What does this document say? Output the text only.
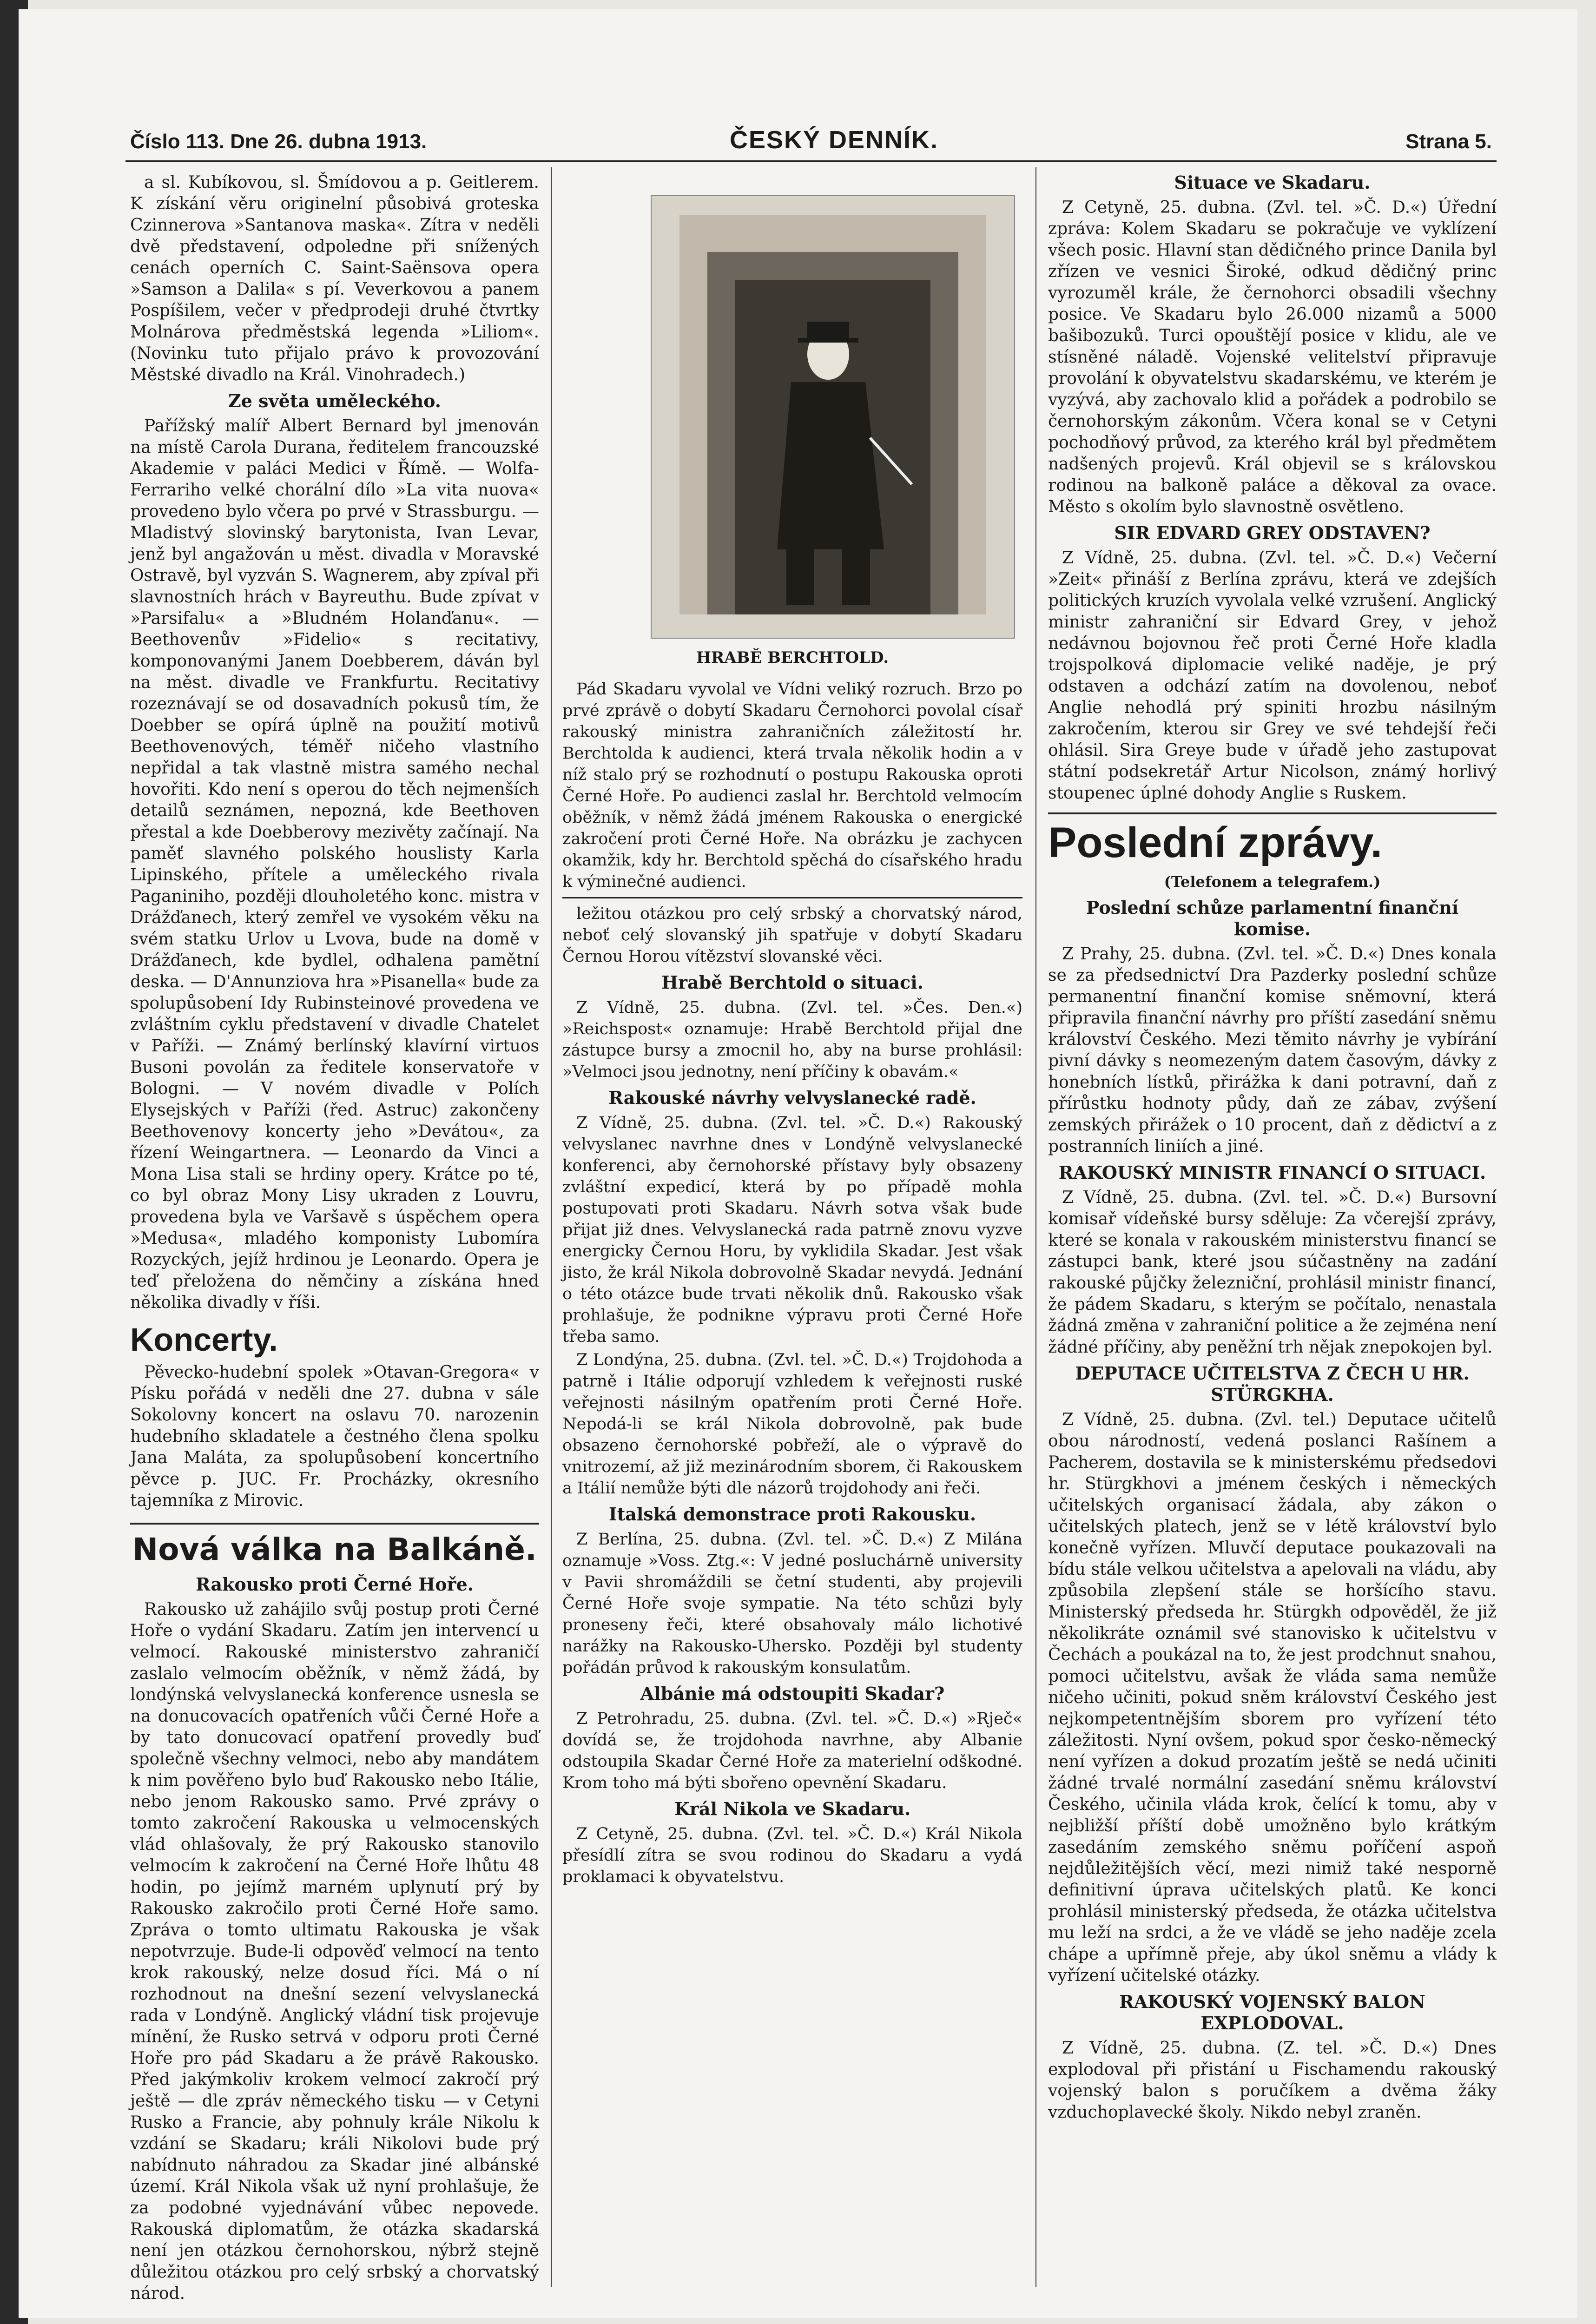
Číslo 113. Dne 26. dubna 1913.	ČESKÝ DENNÍK.	Strana 5.

a sl. Kubíkovou, sl. Šmídovou a p. Geitlerem. K získání věru originelní působivá groteska Czinnerova »Santanova maska«. Zítra v neděli dvě představení, odpoledne při snížených cenách operních C. Saint-Saënsova opera »Samson a Dalila« s pí. Veverkovou a panem Pospíšilem, večer v předprodeji druhé čtvrtky Molnárova předměstská legenda »Liliom«. (Novinku tuto přijalo právo k provozování Městské divadlo na Král. Vinohradech.)

Ze světa uměleckého.

Pařížský malíř Albert Bernard byl jmenován na místě Carola Durana, ředitelem francouzské Akademie v paláci Medici v Římě. — Wolfa-Ferrariho velké chorální dílo »La vita nuova« provedeno bylo včera po prvé v Strassburgu. — Mladistvý slovinský barytonista, Ivan Levar, jenž byl angažován u měst. divadla v Moravské Ostravě, byl vyzván S. Wagnerem, aby zpíval při slavnostních hrách v Bayreuthu. Bude zpívat v »Parsifalu« a »Bludném Holanďanu«. — Beethovenův »Fidelio« s recitativy, komponovanými Janem Doebberem, dáván byl na měst. divadle ve Frankfurtu. Recitativy rozeznávají se od dosavadních pokusů tím, že Doebber se opírá úplně na použití motivů Beethovenových, téměř ničeho vlastního nepřidal a tak vlastně mistra samého nechal hovořiti. Kdo není s operou do těch nejmenších detailů seznámen, nepozná, kde Beethoven přestal a kde Doebberovy mezivěty začínají. Na paměť slavného polského houslisty Karla Lipinského, přítele a uměleckého rivala Paganiniho, později dlouholetého konc. mistra v Drážďanech, který zemřel ve vysokém věku na svém statku Urlov u Lvova, bude na domě v Drážďanech, kde bydlel, odhalena pamětní deska. — D'Annunziova hra »Pisanella« bude za spolupůsobení Idy Rubinsteinové provedena ve zvláštním cyklu představení v divadle Chatelet v Paříži. — Známý berlínský klavírní virtuos Busoni povolán za ředitele konservatoře v Bologni. — V novém divadle v Polích Elysejských v Paříži (řed. Astruc) zakončeny Beethovenovy koncerty jeho »Devátou«, za řízení Weingartnera. — Leonardo da Vinci a Mona Lisa stali se hrdiny opery. Krátce po té, co byl obraz Mony Lisy ukraden z Louvru, provedena byla ve Varšavě s úspěchem opera »Medusa«, mladého komponisty Lubomíra Rozyckých, jejíž hrdinou je Leonardo. Opera je teď přeložena do němčiny a získána hned několika divadly v říši.

Koncerty.

Pěvecko-hudební spolek »Otavan-Gregora« v Písku pořádá v neděli dne 27. dubna v sále Sokolovny koncert na oslavu 70. narozenin hudebního skladatele a čestného člena spolku Jana Maláta, za spolupůsobení koncertního pěvce p. JUC. Fr. Procházky, okresního tajemníka z Mirovic.

Nová válka na Balkáně.
Rakousko proti Černé Hoře.

Rakousko už zahájilo svůj postup proti Černé Hoře o vydání Skadaru. Zatím jen intervencí u velmocí. Rakouské ministerstvo zahraničí zaslalo velmocím oběžník, v němž žádá, by londýnská velvyslanecká konference usnesla se na donucovacích opatřeních vůči Černé Hoře a by tato donucovací opatření provedly buď společně všechny velmoci, nebo aby mandátem k nim pověřeno bylo buď Rakousko nebo Itálie, nebo jenom Rakousko samo. Prvé zprávy o tomto zakročení Rakouska u velmocenských vlád ohlašovaly, že prý Rakousko stanovilo velmocím k zakročení na Černé Hoře lhůtu 48 hodin, po jejímž marném uplynutí prý by Rakousko zakročilo proti Černé Hoře samo. Zpráva o tomto ultimatu Rakouska je však nepotvrzuje. Bude-li odpověď velmocí na tento krok rakouský, nelze dosud říci. Má o ní rozhodnout na dnešní sezení velvyslanecká rada v Londýně. Anglický vládní tisk projevuje mínění, že Rusko setrvá v odporu proti Černé Hoře pro pád Skadaru a že právě Rakousko. Před jakýmkoliv krokem velmocí zakročí prý ještě — dle zpráv německého tisku — v Cetyni Rusko a Francie, aby pohnuly krále Nikolu k vzdání se Skadaru; králi Nikolovi bude prý nabídnuto náhradou za Skadar jiné albánské území. Král Nikola však už nyní prohlašuje, že za podobné vyjednávání vůbec nepovede. Rakouská diplomatům, že otázka skadarská není jen otázkou černohorskou, nýbrž stejně důležitou otázkou pro celý srbský a chorvatský národ.

HRABĚ BERCHTOLD.

Pád Skadaru vyvolal ve Vídni veliký rozruch. Brzo po prvé zprávě o dobytí Skadaru Černohorci povolal císař rakouský ministra zahraničních záležitostí hr. Berchtolda k audienci, která trvala několik hodin a v níž stalo prý se rozhodnutí o postupu Rakouska oproti Černé Hoře. Po audienci zaslal hr. Berchtold velmocím oběžník, v němž žádá jménem Rakouska o energické zakročení proti Černé Hoře. Na obrázku je zachycen okamžik, kdy hr. Berchtold spěchá do císařského hradu k výminečné audienci.

ležitou otázkou pro celý srbský a chorvatský národ, neboť celý slovanský jih spatřuje v dobytí Skadaru Černou Horou vítězství slovanské věci.

Hrabě Berchtold o situaci.

Z Vídně, 25. dubna. (Zvl. tel. »Čes. Den.«) »Reichspost« oznamuje: Hrabě Berchtold přijal dne zástupce bursy a zmocnil ho, aby na burse prohlásil: »Velmoci jsou jednotny, není příčiny k obavám.«

Rakouské návrhy velvyslanecké radě.

Z Vídně, 25. dubna. (Zvl. tel. »Č. D.«) Rakouský velvyslanec navrhne dnes v Londýně velvyslanecké konferenci, aby černohorské přístavy byly obsazeny zvláštní expedicí, která by po případě mohla postupovati proti Skadaru. Návrh sotva však bude přijat již dnes. Velvyslanecká rada patrně znovu vyzve energicky Černou Horu, by vyklidila Skadar. Jest však jisto, že král Nikola dobrovolně Skadar nevydá. Jednání o této otázce bude trvati několik dnů. Rakousko však prohlašuje, že podnikne výpravu proti Černé Hoře třeba samo.

Z Londýna, 25. dubna. (Zvl. tel. »Č. D.«) Trojdohoda a patrně i Itálie odporují vzhledem k veřejnosti ruské veřejnosti násilným opatřením proti Černé Hoře. Nepodá-li se král Nikola dobrovolně, pak bude obsazeno černohorské pobřeží, ale o výpravě do vnitrozemí, až již mezinárodním sborem, či Rakouskem a Itálií nemůže býti dle názorů trojdohody ani řeči.

Italská demonstrace proti Rakousku.

Z Berlína, 25. dubna. (Zvl. tel. »Č. D.«) Z Milána oznamuje »Voss. Ztg.«: V jedné posluchárně university v Pavii shromáždili se četní studenti, aby projevili Černé Hoře svoje sympatie. Na této schůzi byly proneseny řeči, které obsahovaly málo lichotivé narážky na Rakousko-Uhersko. Později byl studenty pořádán průvod k rakouským konsulatům.

Albánie má odstoupiti Skadar?

Z Petrohradu, 25. dubna. (Zvl. tel. »Č. D.«) »Rječ« dovídá se, že trojdohoda navrhne, aby Albanie odstoupila Skadar Černé Hoře za materielní odškodné. Krom toho má býti sbořeno opevnění Skadaru.

Král Nikola ve Skadaru.

Z Cetyně, 25. dubna. (Zvl. tel. »Č. D.«) Král Nikola přesídlí zítra se svou rodinou do Skadaru a vydá proklamaci k obyvatelstvu.

Situace ve Skadaru.

Z Cetyně, 25. dubna. (Zvl. tel. »Č. D.«) Úřední zpráva: Kolem Skadaru se pokračuje ve vyklízení všech posic. Hlavní stan dědičného prince Danila byl zřízen ve vesnici Široké, odkud dědičný princ vyrozuměl krále, že černohorci obsadili všechny posice. Ve Skadaru bylo 26.000 nizamů a 5000 bašibozuků. Turci opouštějí posice v klidu, ale ve stísněné náladě. Vojenské velitelství připravuje provolání k obyvatelstvu skadarskému, ve kterém je vyzývá, aby zachovalo klid a pořádek a podrobilo se černohorským zákonům. Včera konal se v Cetyni pochodňový průvod, za kterého král byl předmětem nadšených projevů. Král objevil se s královskou rodinou na balkoně paláce a děkoval za ovace. Město s okolím bylo slavnostně osvětleno.

SIR EDVARD GREY ODSTAVEN?

Z Vídně, 25. dubna. (Zvl. tel. »Č. D.«) Večerní »Zeit« přináší z Berlína zprávu, která ve zdejších politických kruzích vyvolala velké vzrušení. Anglický ministr zahraniční sir Edvard Grey, v jehož nedávnou bojovnou řeč proti Černé Hoře kladla trojspolková diplomacie veliké naděje, je prý odstaven a odchází zatím na dovolenou, neboť Anglie nehodlá prý spiniti hrozbu násilným zakročením, kterou sir Grey ve své tehdejší řeči ohlásil. Sira Greye bude v úřadě jeho zastupovat státní podsekretář Artur Nicolson, známý horlivý stoupenec úplné dohody Anglie s Ruskem.

Poslední zprávy.
(Telefonem a telegrafem.)
Poslední schůze parlamentní finanční komise.

Z Prahy, 25. dubna. (Zvl. tel. »Č. D.«) Dnes konala se za předsednictví Dra Pazderky poslední schůze permanentní finanční komise sněmovní, která připravila finanční návrhy pro příští zasedání sněmu království Českého. Mezi těmito návrhy je vybírání pivní dávky s neomezeným datem časovým, dávky z honebních lístků, přirážka k dani potravní, daň z přírůstku hodnoty půdy, daň ze zábav, zvýšení zemských přirážek o 10 procent, daň z dědictví a z postranních liniích a jiné.

RAKOUSKÝ MINISTR FINANCÍ O SITUACI.

Z Vídně, 25. dubna. (Zvl. tel. »Č. D.«) Bursovní komisař vídeňské bursy sděluje: Za včerejší zprávy, které se konala v rakouském ministerstvu financí se zástupci bank, které jsou súčastněny na zadání rakouské půjčky železniční, prohlásil ministr financí, že pádem Skadaru, s kterým se počítalo, nenastala žádná změna v zahraniční politice a že zejména není žádné příčiny, aby peněžní trh nějak znepokojen byl.

DEPUTACE UČITELSTVA Z ČECH U HR. STÜRGKHA.

Z Vídně, 25. dubna. (Zvl. tel.) Deputace učitelů obou národností, vedená poslanci Rašínem a Pacherem, dostavila se k ministerskému předsedovi hr. Stürgkhovi a jménem českých i německých učitelských organisací žádala, aby zákon o učitelských platech, jenž se v létě království bylo konečně vyřízen. Mluvčí deputace poukazovali na bídu stále velkou učitelstva a apelovali na vládu, aby způsobila zlepšení stále se horšícího stavu. Ministerský předseda hr. Stürgkh odpověděl, že již několikráte oznámil své stanovisko k učitelstvu v Čechách a poukázal na to, že jest prodchnut snahou, pomoci učitelstvu, avšak že vláda sama nemůže ničeho učiniti, pokud sněm království Českého jest nejkompetentnějším sborem pro vyřízení této záležitosti. Nyní ovšem, pokud spor česko-německý není vyřízen a dokud prozatím ještě se nedá učiniti žádné trvalé normální zasedání sněmu království Českého, učinila vláda krok, čelící k tomu, aby v nejbližší příští době umožněno bylo krátkým zasedáním zemského sněmu poříčení aspoň nejdůležitějších věcí, mezi nimiž také nesporně definitivní úprava učitelských platů. Ke konci prohlásil ministerský předseda, že otázka učitelstva mu leží na srdci, a že ve vládě se jeho naděje zcela chápe a upřímně přeje, aby úkol sněmu a vlády k vyřízení učitelské otázky.

RAKOUSKÝ VOJENSKÝ BALON EXPLODOVAL.

Z Vídně, 25. dubna. (Z. tel. »Č. D.«) Dnes explodoval při přistání u Fischamendu rakouský vojenský balon s poručíkem a dvěma žáky vzduchoplavecké školy. Nikdo nebyl zraněn.
